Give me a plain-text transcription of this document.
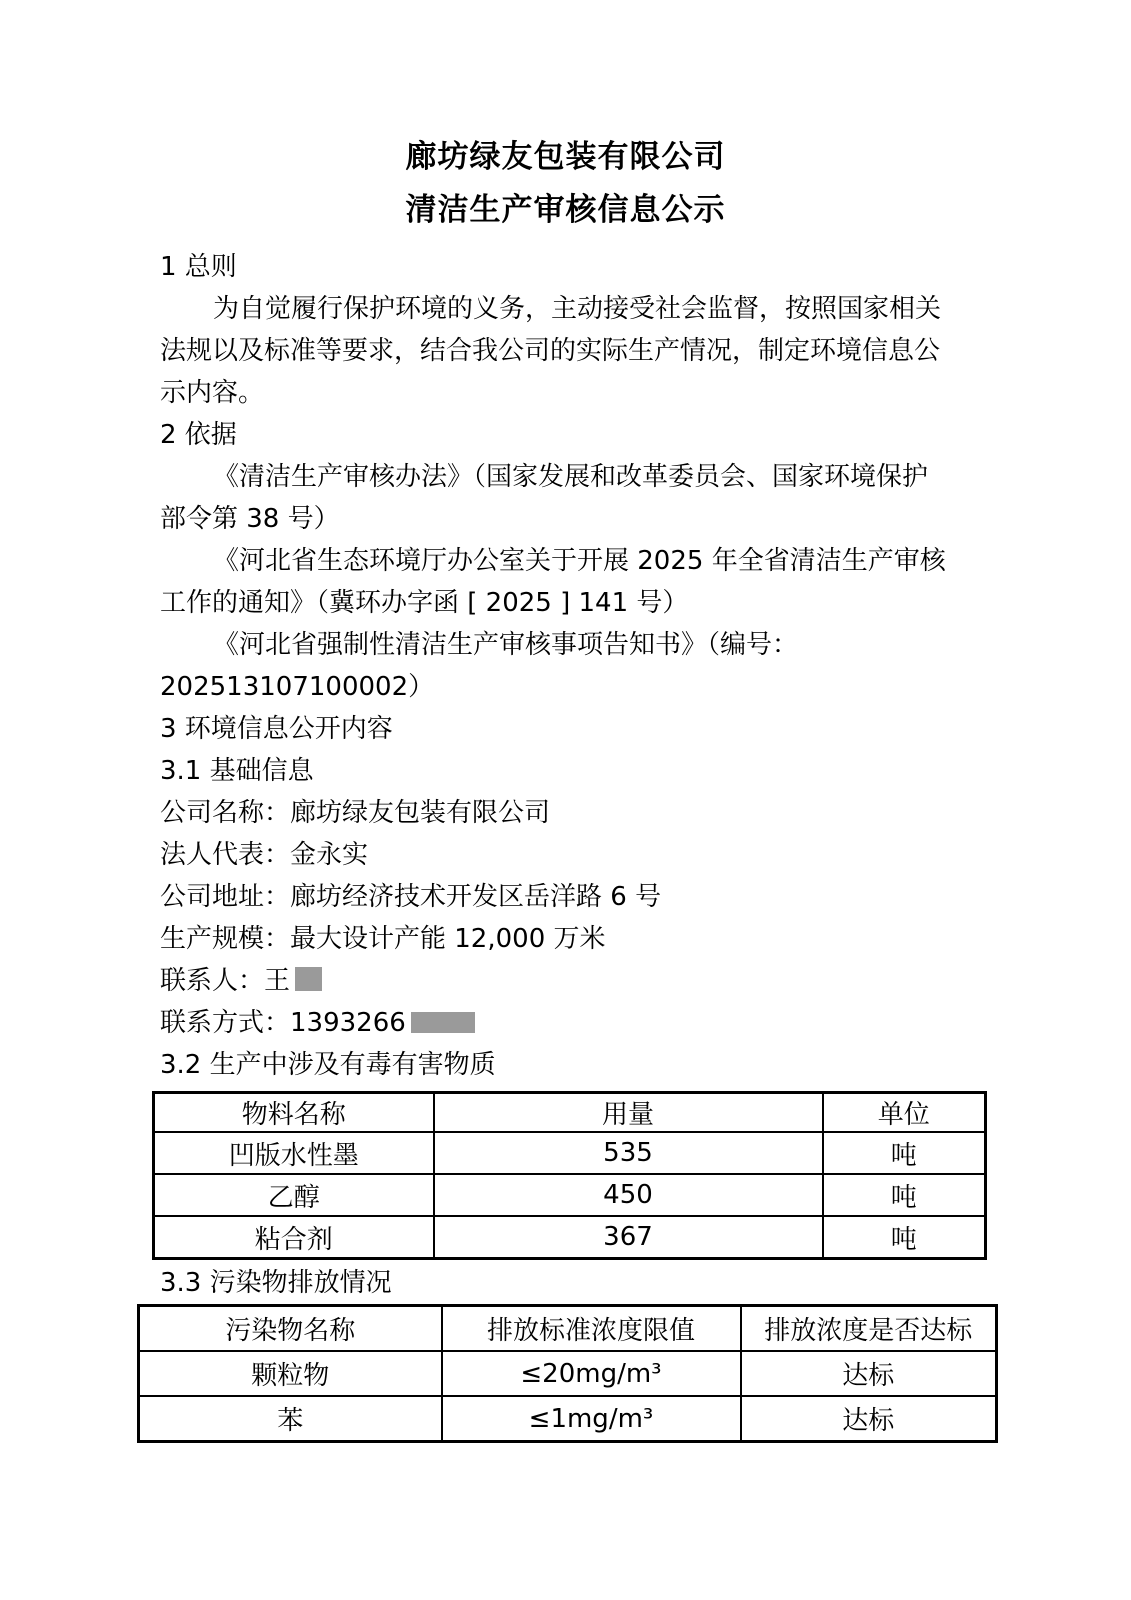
廊坊绿友包装有限公司
清洁生产审核信息公示
1 总则
为自觉履行保护环境的义务，主动接受社会监督，按照国家相关
法规以及标准等要求，结合我公司的实际生产情况，制定环境信息公
示内容。
2 依据
《清洁生产审核办法》（国家发展和改革委员会、国家环境保护
部令第 38 号）
《河北省生态环境厅办公室关于开展 2025 年全省清洁生产审核
工作的通知》（冀环办字函 [ 2025 ] 141 号）
《河北省强制性清洁生产审核事项告知书》（编号：
202513107100002）
3 环境信息公开内容
3.1 基础信息
公司名称：廊坊绿友包装有限公司
法人代表：金永实
公司地址：廊坊经济技术开发区岳洋路 6 号
生产规模：最大设计产能 12,000 万米
联系人：王
联系方式：1393266
3.2 生产中涉及有毒有害物质
物料名称	用量	单位
凹版水性墨	535	吨
乙醇	450	吨
粘合剂	367	吨
3.3 污染物排放情况
污染物名称	排放标准浓度限值	排放浓度是否达标
颗粒物	≤20mg/m³	达标
苯	≤1mg/m³	达标
